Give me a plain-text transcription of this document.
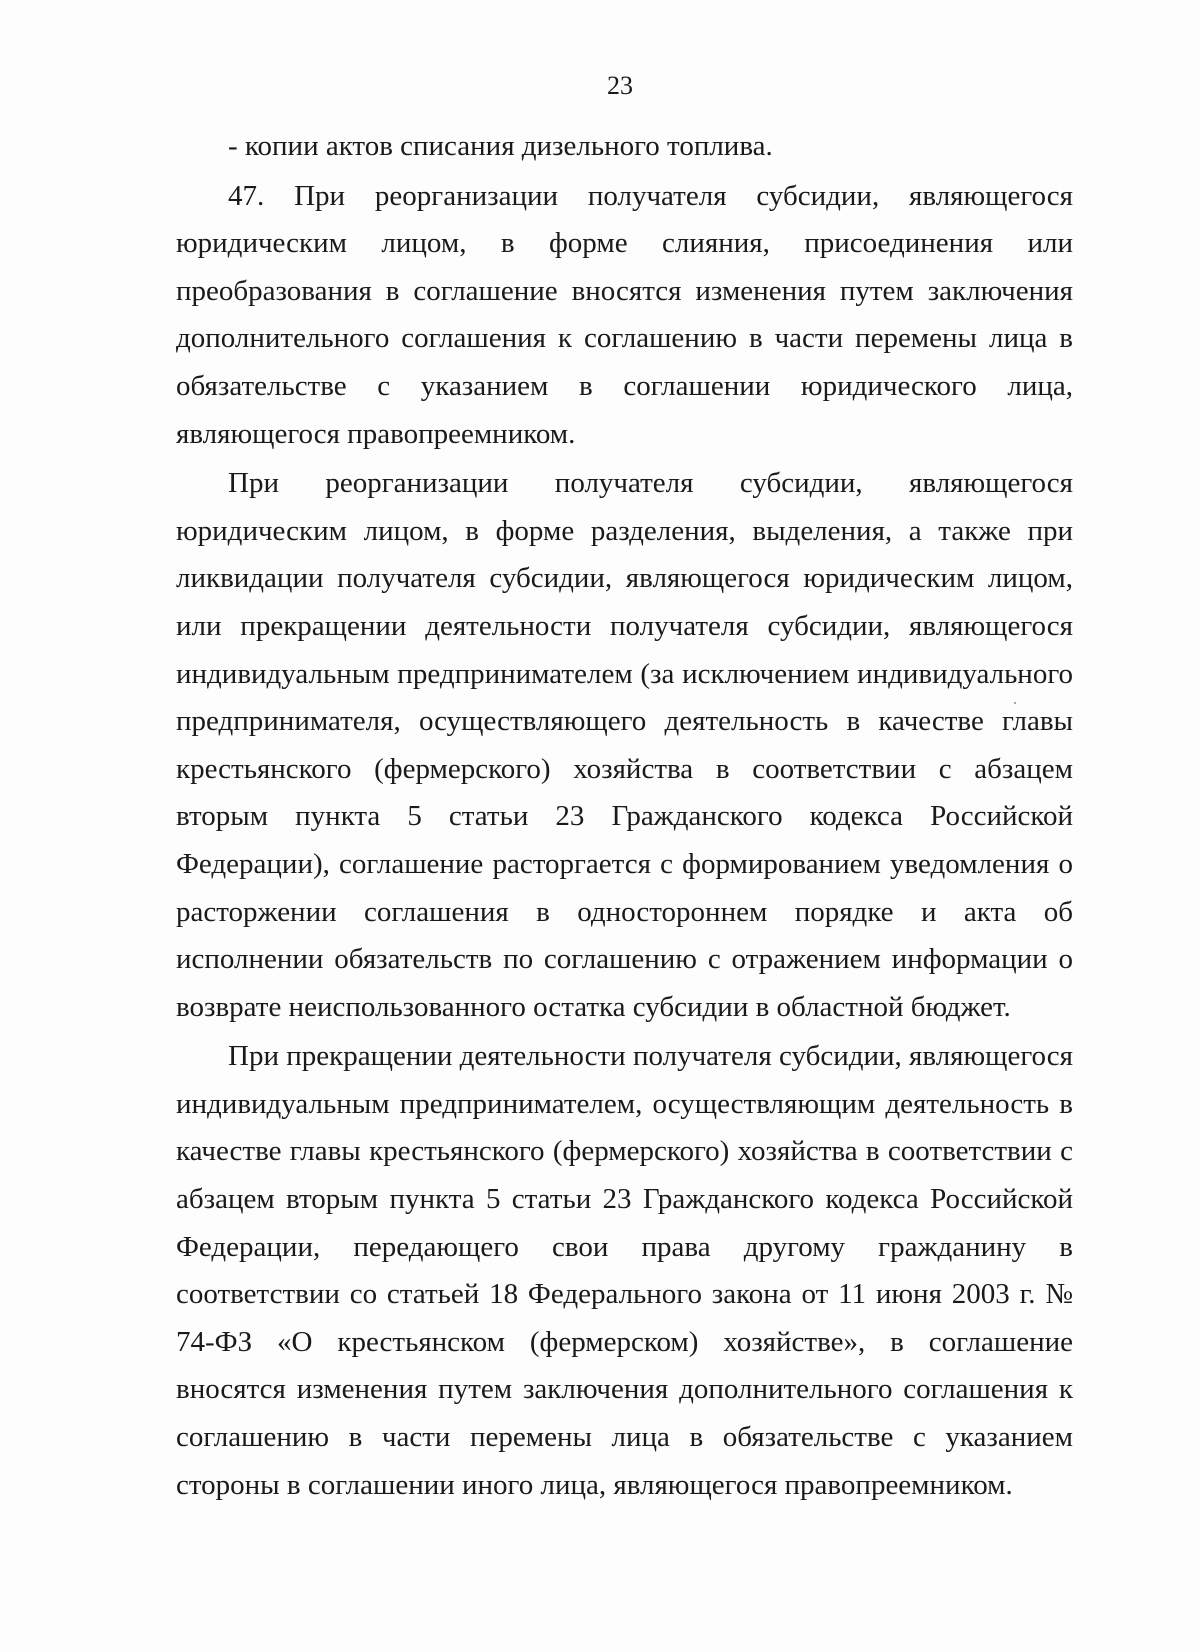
23

- копии актов списания дизельного топлива.

47. При реорганизации получателя субсидии, являющегося юридическим лицом, в форме слияния, присоединения или преобразования в соглашение вносятся изменения путем заключения дополнительного соглашения к соглашению в части перемены лица в обязательстве с указанием в соглашении юридического лица, являющегося правопреемником.

При реорганизации получателя субсидии, являющегося юридическим лицом, в форме разделения, выделения, а также при ликвидации получателя субсидии, являющегося юридическим лицом, или прекращении деятельности получателя субсидии, являющегося индивидуальным предпринимателем (за исключением индивидуального предпринимателя, осуществляющего деятельность в качестве главы крестьянского (фермерского) хозяйства в соответствии с абзацем вторым пункта 5 статьи 23 Гражданского кодекса Российской Федерации), соглашение расторгается с формированием уведомления о расторжении соглашения в одностороннем порядке и акта об исполнении обязательств по соглашению с отражением информации о возврате неиспользованного остатка субсидии в областной бюджет.

При прекращении деятельности получателя субсидии, являющегося индивидуальным предпринимателем, осуществляющим деятельность в качестве главы крестьянского (фермерского) хозяйства в соответствии с абзацем вторым пункта 5 статьи 23 Гражданского кодекса Российской Федерации, передающего свои права другому гражданину в соответствии со статьей 18 Федерального закона от 11 июня 2003 г. № 74-ФЗ «О крестьянском (фермерском) хозяйстве», в соглашение вносятся изменения путем заключения дополнительного соглашения к соглашению в части перемены лица в обязательстве с указанием стороны в соглашении иного лица, являющегося правопреемником.
